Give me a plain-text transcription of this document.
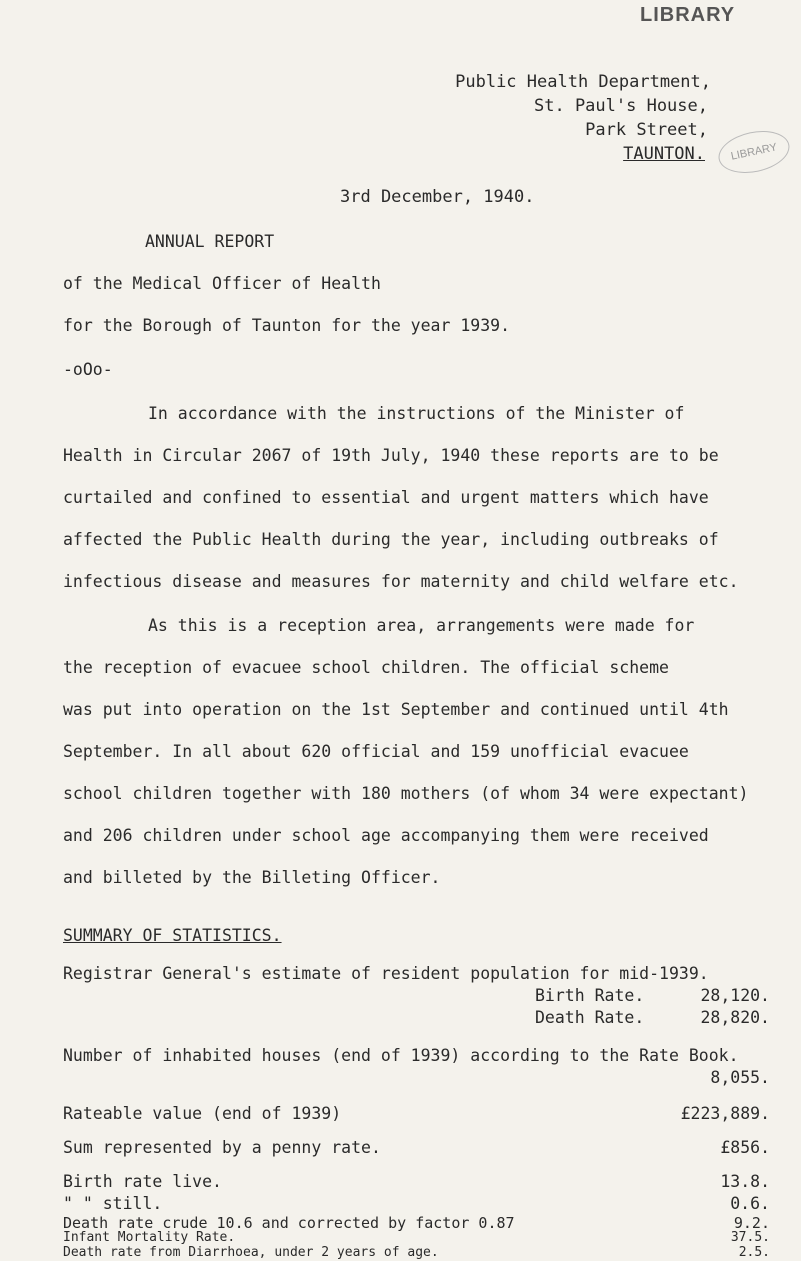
LIBRARY
Public Health Department,
St. Paul's House,
Park Street,
TAUNTON.
3rd December, 1940.
LIBRARY
ANNUAL REPORT
of the Medical Officer of Health
for the Borough of Taunton for the year 1939.
-oOo-
In accordance with the instructions of the Minister of
Health in Circular 2067 of 19th July, 1940 these reports are to be
curtailed and confined to essential and urgent matters which have
affected the Public Health during the year, including outbreaks of
infectious disease and measures for maternity and child welfare etc.
As this is a reception area, arrangements were made for
the reception of evacuee school children. The official scheme
was put into operation on the 1st September and continued until 4th
September. In all about 620 official and 159 unofficial evacuee
school children together with 180 mothers (of whom 34 were expectant)
and 206 children under school age accompanying them were received
and billeted by the Billeting Officer.
SUMMARY OF STATISTICS.
Registrar General's estimate of resident population for mid-1939.
Birth Rate.	28,120.
Death Rate.	28,820.
Number of inhabited houses (end of 1939) according to the Rate Book.
8,055.
Rateable value (end of 1939)	£223,889.
Sum represented by a penny rate.	£856.
Birth rate live.	13.8.
" " still.	0.6.
Death rate crude 10.6 and corrected by factor 0.87	9.2.
Infant Mortality Rate.	37.5.
Death rate from Diarrhoea, under 2 years of age.	2.5.
